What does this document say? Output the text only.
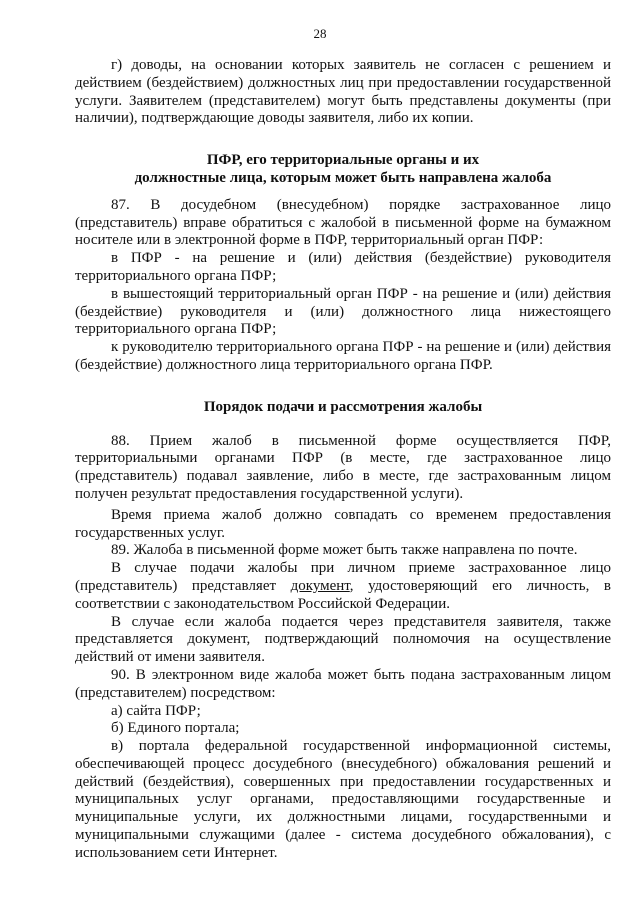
28

г) доводы, на основании которых заявитель не согласен с решением и действием (бездействием) должностных лиц при предоставлении государственной услуги. Заявителем (представителем) могут быть представлены документы (при наличии), подтверждающие доводы заявителя, либо их копии.

ПФР, его территориальные органы и их
должностные лица, которым может быть направлена жалоба

87. В досудебном (внесудебном) порядке застрахованное лицо (представитель) вправе обратиться с жалобой в письменной форме на бумажном носителе или в электронной форме в ПФР, территориальный орган ПФР:

в ПФР - на решение и (или) действия (бездействие) руководителя территориального органа ПФР;

в вышестоящий территориальный орган ПФР - на решение и (или) действия (бездействие) руководителя и (или) должностного лица нижестоящего территориального органа ПФР;

к руководителю территориального органа ПФР - на решение и (или) действия (бездействие) должностного лица территориального органа ПФР.

Порядок подачи и рассмотрения жалобы

88. Прием жалоб в письменной форме осуществляется ПФР, территориальными органами ПФР (в месте, где застрахованное лицо (представитель) подавал заявление, либо в месте, где застрахованным лицом получен результат предоставления государственной услуги).

Время приема жалоб должно совпадать со временем предоставления государственных услуг.

89. Жалоба в письменной форме может быть также направлена по почте.

В случае подачи жалобы при личном приеме застрахованное лицо (представитель) представляет документ, удостоверяющий его личность, в соответствии с законодательством Российской Федерации.

В случае если жалоба подается через представителя заявителя, также представляется документ, подтверждающий полномочия на осуществление действий от имени заявителя.

90. В электронном виде жалоба может быть подана застрахованным лицом (представителем) посредством:

а) сайта ПФР;

б) Единого портала;

в) портала федеральной государственной информационной системы, обеспечивающей процесс досудебного (внесудебного) обжалования решений и действий (бездействия), совершенных при предоставлении государственных и муниципальных услуг органами, предоставляющими государственные и муниципальные услуги, их должностными лицами, государственными и муниципальными служащими (далее - система досудебного обжалования), с использованием сети Интернет.
